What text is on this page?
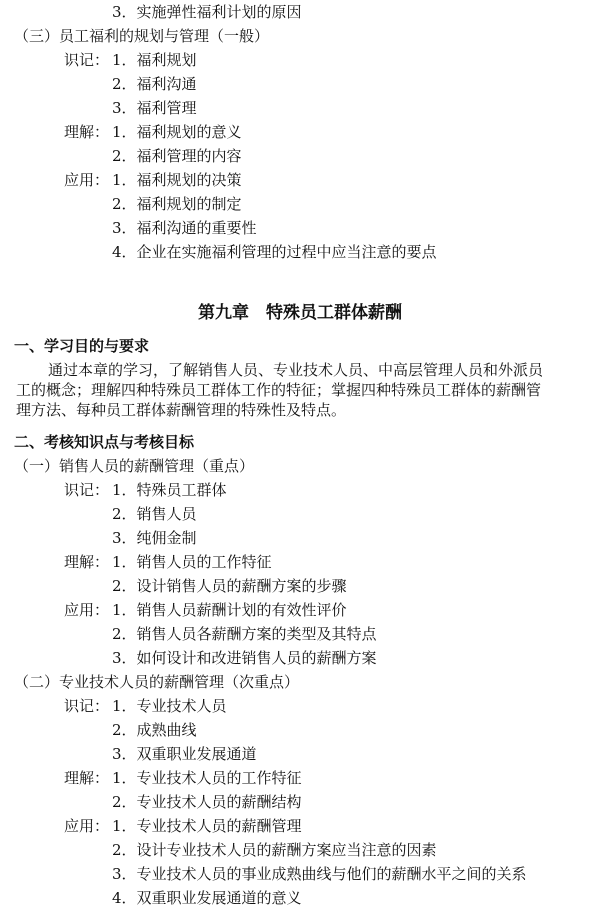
3．实施弹性福利计划的原因
（三）员工福利的规划与管理（一般）
识记： 1．福利规划
2．福利沟通
3．福利管理
理解： 1．福利规划的意义
2．福利管理的内容
应用： 1．福利规划的决策
2．福利规划的制定
3．福利沟通的重要性
4．企业在实施福利管理的过程中应当注意的要点
第九章　特殊员工群体薪酬
一、学习目的与要求
通过本章的学习，了解销售人员、专业技术人员、中高层管理人员和外派员
工的概念；理解四种特殊员工群体工作的特征；掌握四种特殊员工群体的薪酬管
理方法、每种员工群体薪酬管理的特殊性及特点。
二、考核知识点与考核目标
（一）销售人员的薪酬管理（重点）
识记： 1．特殊员工群体
2．销售人员
3．纯佣金制
理解： 1．销售人员的工作特征
2．设计销售人员的薪酬方案的步骤
应用： 1．销售人员薪酬计划的有效性评价
2．销售人员各薪酬方案的类型及其特点
3．如何设计和改进销售人员的薪酬方案
（二）专业技术人员的薪酬管理（次重点）
识记： 1．专业技术人员
2．成熟曲线
3．双重职业发展通道
理解： 1．专业技术人员的工作特征
2．专业技术人员的薪酬结构
应用： 1．专业技术人员的薪酬管理
2．设计专业技术人员的薪酬方案应当注意的因素
3．专业技术人员的事业成熟曲线与他们的薪酬水平之间的关系
4．双重职业发展通道的意义
